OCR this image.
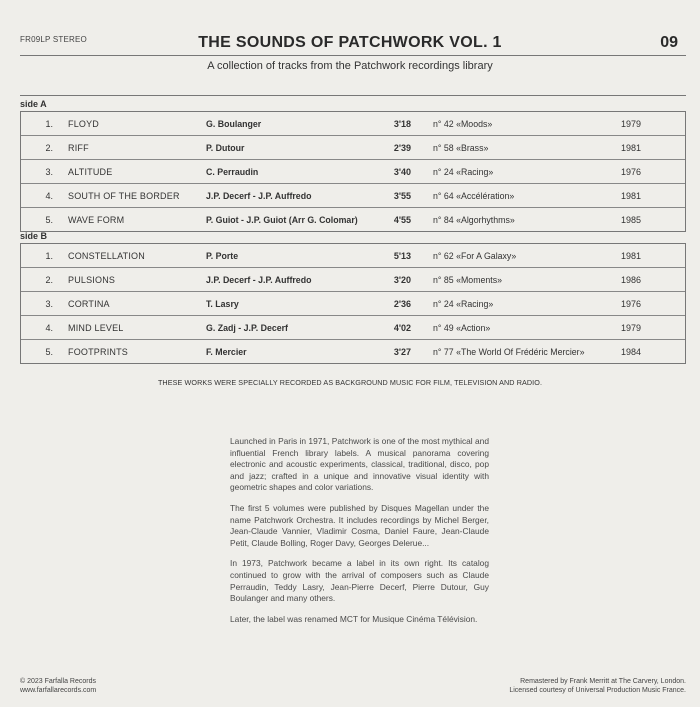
FR09LP STEREO	THE SOUNDS OF PATCHWORK VOL. 1	09
A collection of tracks from the Patchwork recordings library
side A
1. FLOYD	G. Boulanger	3'18	n° 42 «Moods»	1979
2. RIFF	P. Dutour	2'39	n° 58 «Brass»	1981
3. ALTITUDE	C. Perraudin	3'40	n° 24 «Racing»	1976
4. SOUTH OF THE BORDER	J.P. Decerf - J.P. Auffredo	3'55	n° 64 «Accélération»	1981
5. WAVE FORM	P. Guiot - J.P. Guiot (Arr G. Colomar)	4'55	n° 84 «Algorhythms»	1985
side B
1. CONSTELLATION	P. Porte	5'13	n° 62 «For A Galaxy»	1981
2. PULSIONS	J.P. Decerf - J.P. Auffredo	3'20	n° 85 «Moments»	1986
3. CORTINA	T. Lasry	2'36	n° 24 «Racing»	1976
4. MIND LEVEL	G. Zadj - J.P. Decerf	4'02	n° 49 «Action»	1979
5. FOOTPRINTS	F. Mercier	3'27	n° 77 «The World Of Frédéric Mercier»	1984
THESE WORKS WERE SPECIALLY RECORDED AS BACKGROUND MUSIC FOR FILM, TELEVISION AND RADIO.

Launched in Paris in 1971, Patchwork is one of the most mythical and influential French library labels. A musical panorama covering electronic and acoustic experiments, classical, traditional, disco, pop and jazz; crafted in a unique and innovative visual identity with geometric shapes and color variations.

The first 5 volumes were published by Disques Magellan under the name Patchwork Orchestra. It includes recordings by Michel Berger, Jean-Claude Vannier, Vladimir Cosma, Daniel Faure, Jean-Claude Petit, Claude Bolling, Roger Davy, Georges Delerue...

In 1973, Patchwork became a label in its own right. Its catalog continued to grow with the arrival of composers such as Claude Perraudin, Teddy Lasry, Jean-Pierre Decerf, Pierre Dutour, Guy Boulanger and many others.

Later, the label was renamed MCT for Musique Cinéma Télévision.

© 2023 Farfalla Records
www.farfallarecords.com
Remastered by Frank Merritt at The Carvery, London.
Licensed courtesy of Universal Production Music France.
